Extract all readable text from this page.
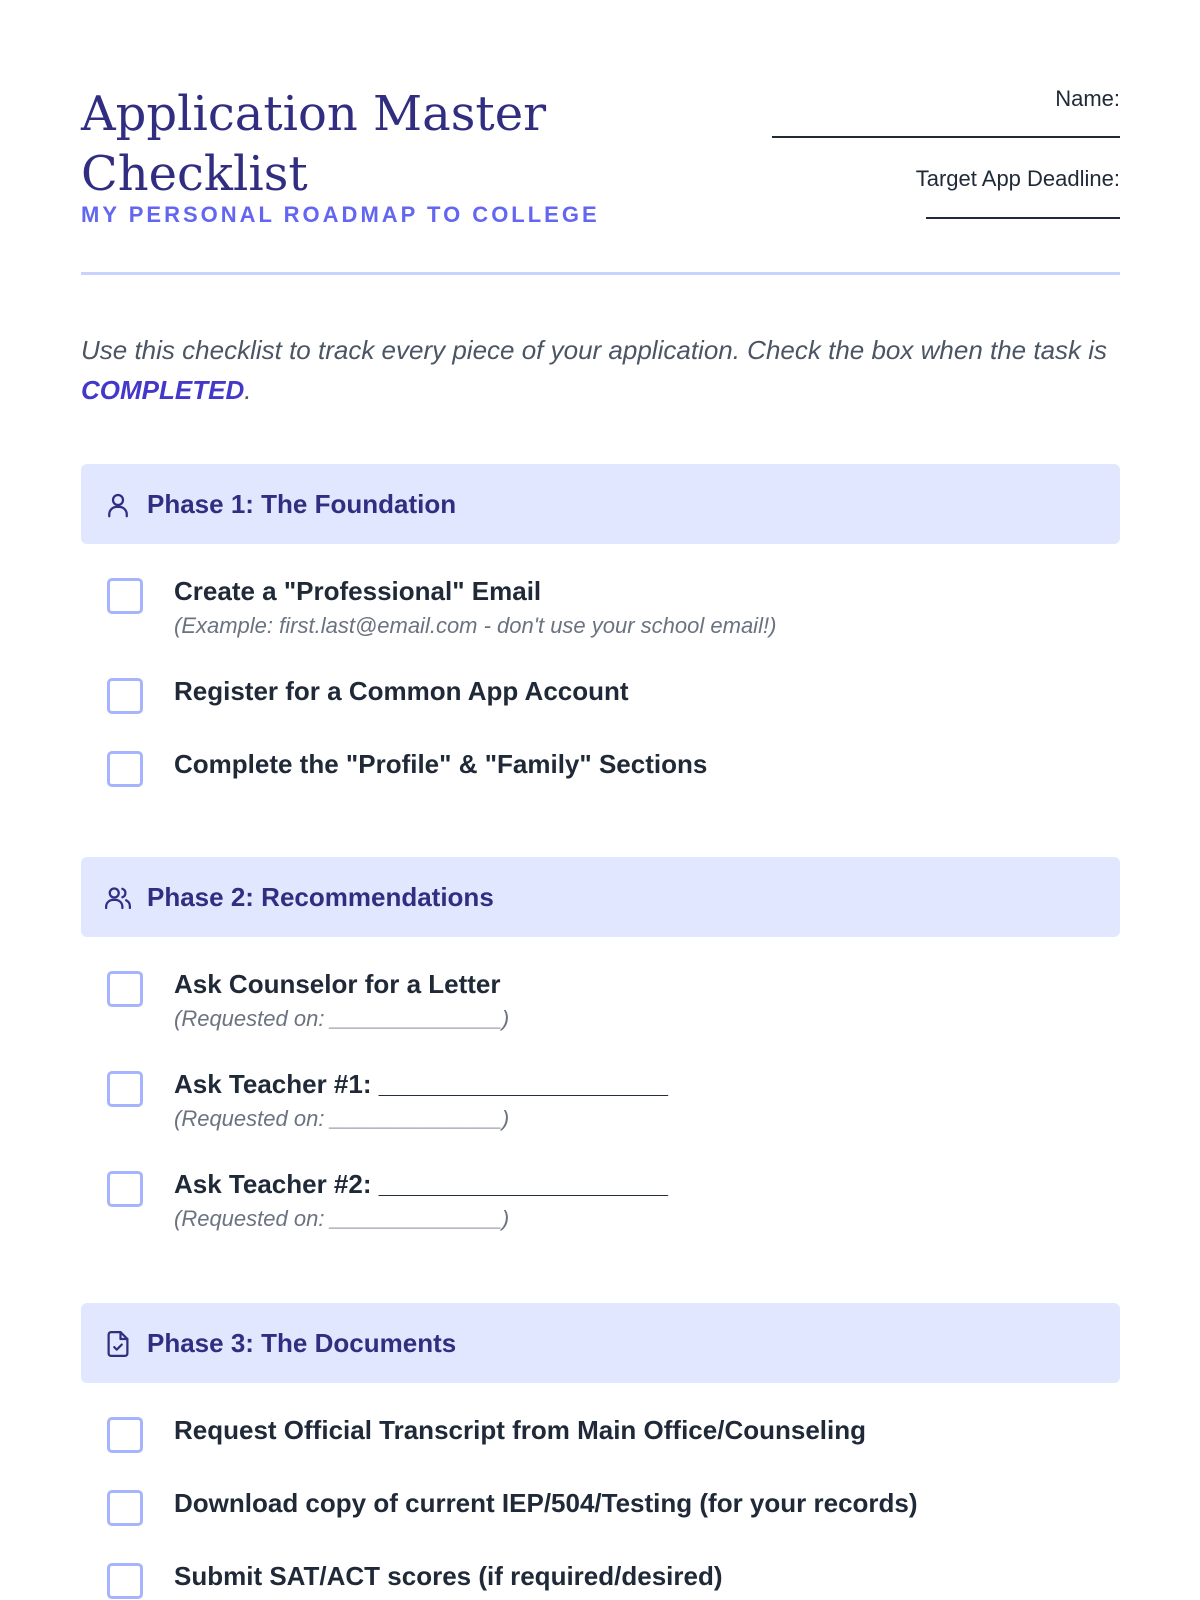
Application Master Checklist
MY PERSONAL ROADMAP TO COLLEGE
Name:
Target App Deadline:

Use this checklist to track every piece of your application. Check the box when the task is COMPLETED.

Phase 1: The Foundation
Create a "Professional" Email
(Example: first.last@email.com - don't use your school email!)
Register for a Common App Account
Complete the "Profile" & "Family" Sections
Phase 2: Recommendations
Ask Counselor for a Letter
(Requested on: ______________)
Ask Teacher #1: ____________________
(Requested on: ______________)
Ask Teacher #2: ____________________
(Requested on: ______________)
Phase 3: The Documents
Request Official Transcript from Main Office/Counseling
Download copy of current IEP/504/Testing (for your records)
Submit SAT/ACT scores (if required/desired)
